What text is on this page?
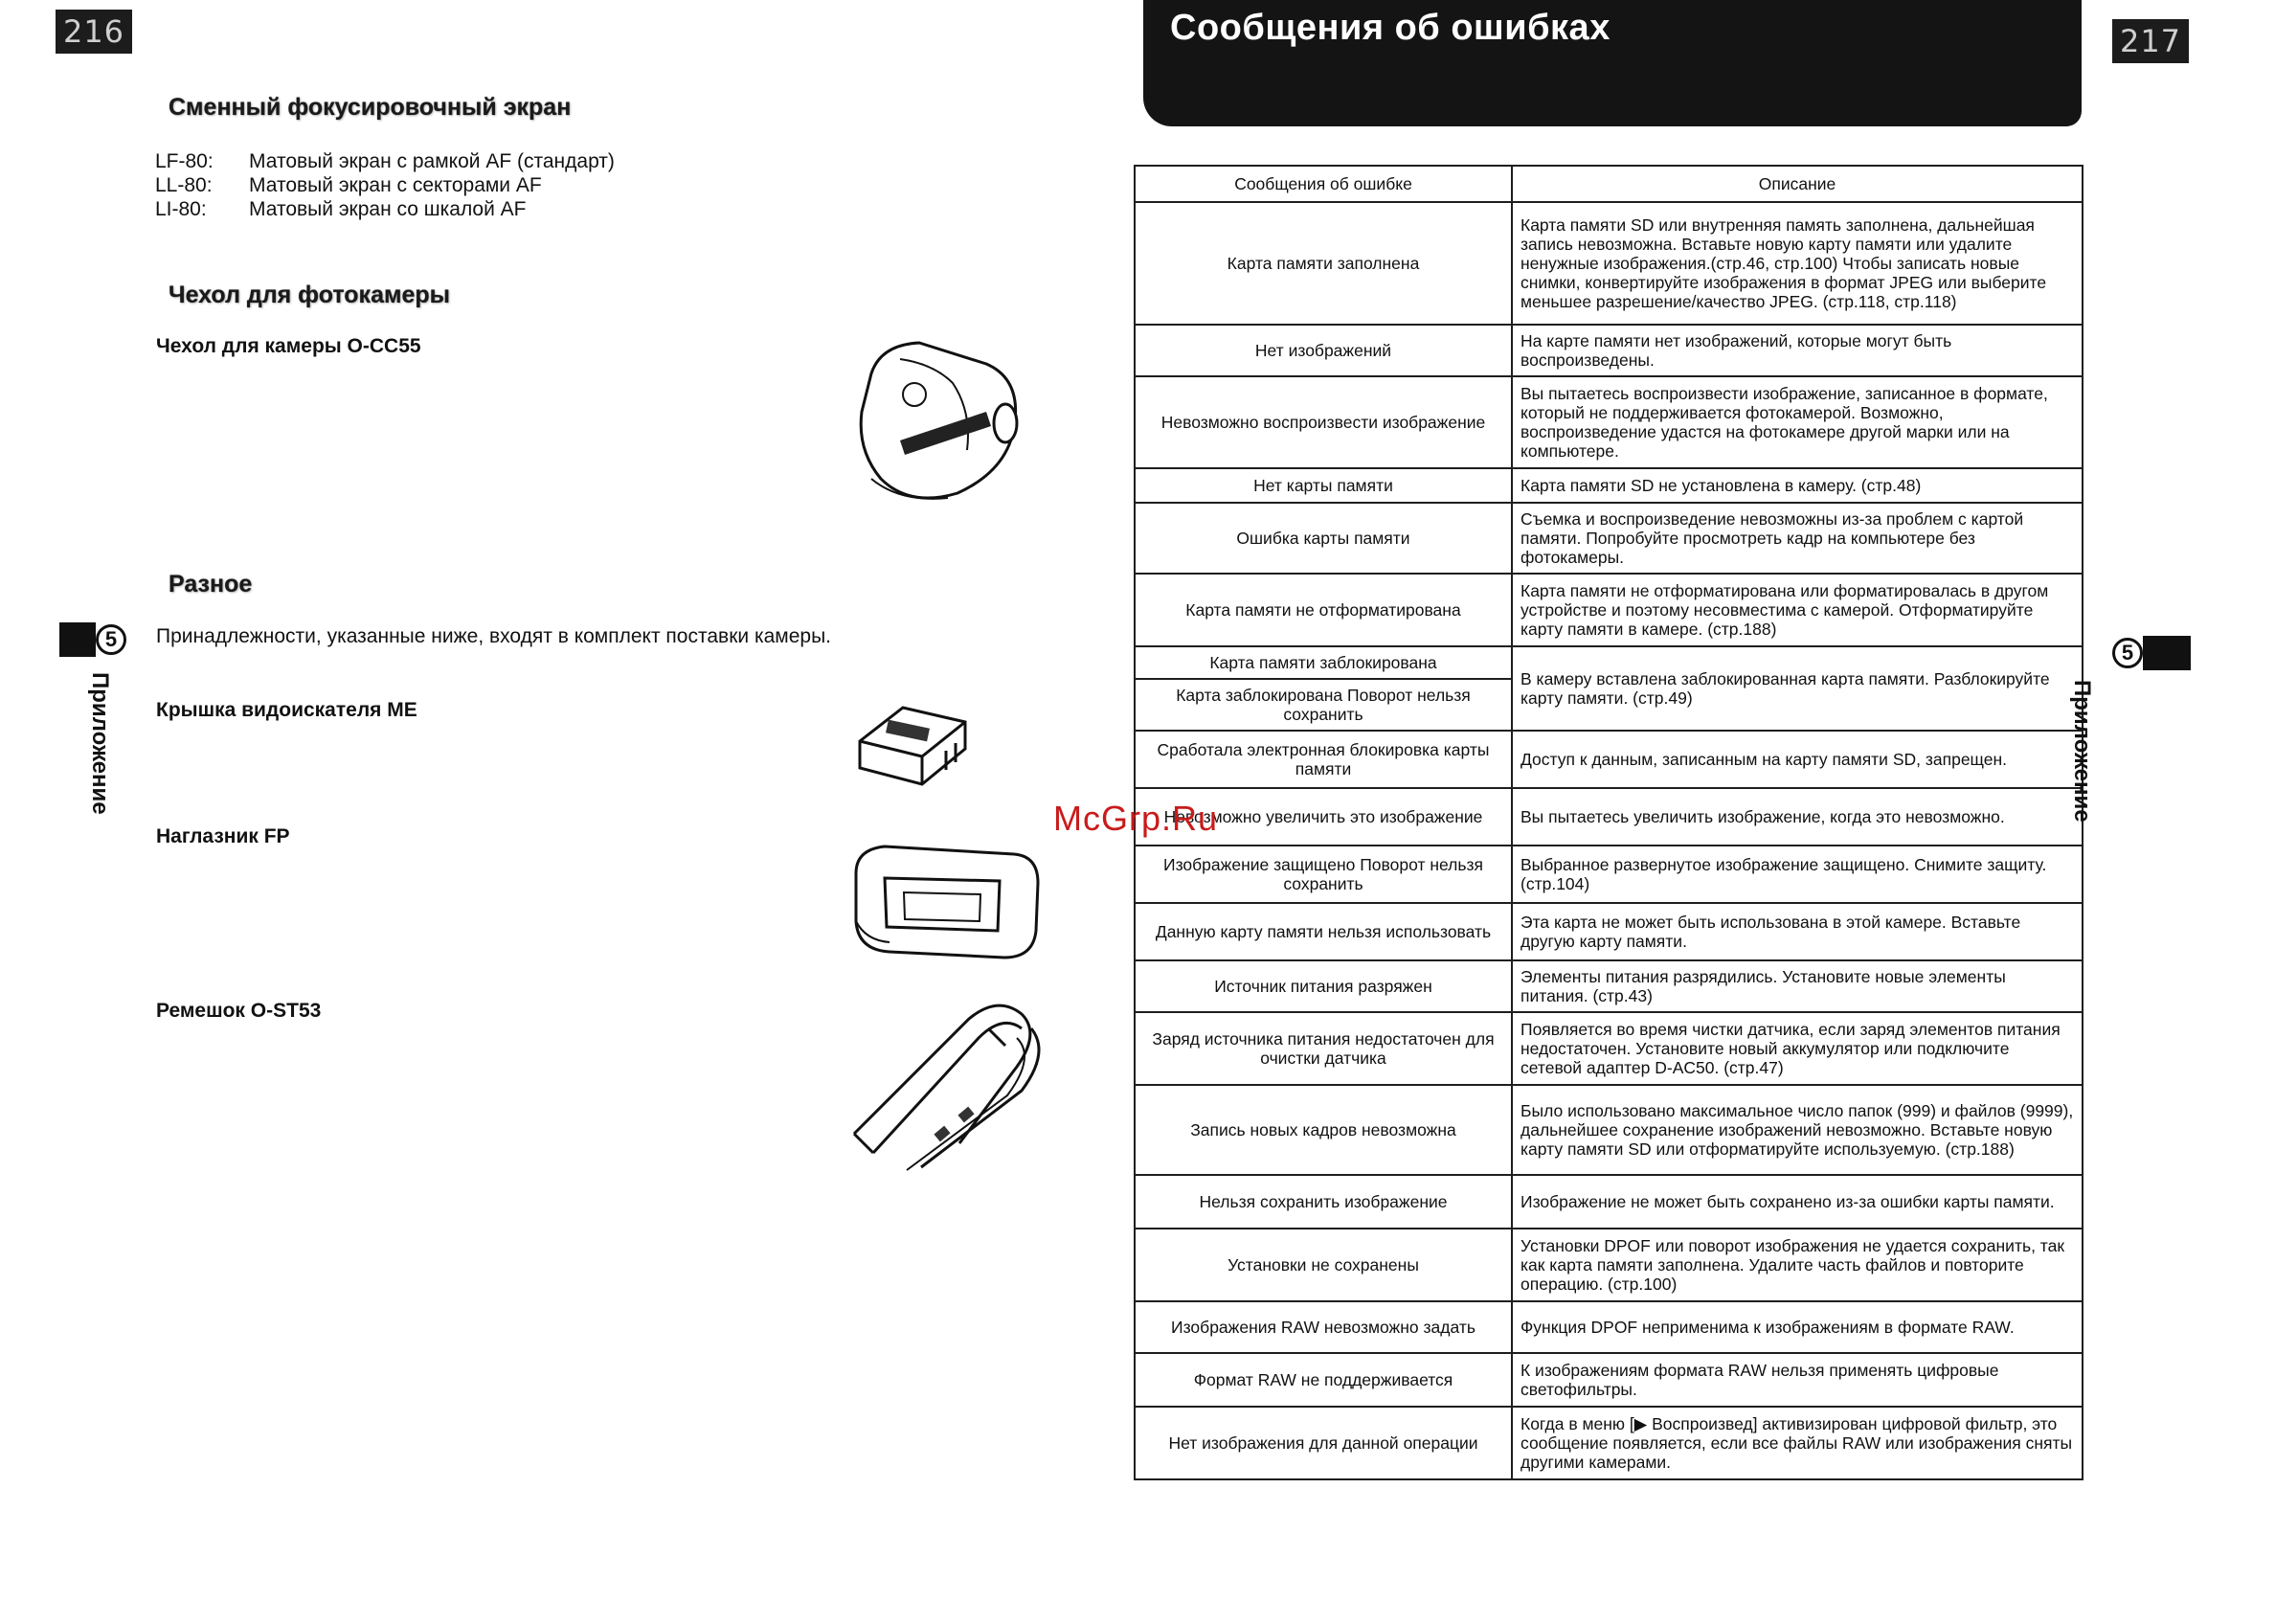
216
Сменный фокусировочный экран
LF-80:	Матовый экран с рамкой AF (стандарт)
LL-80:	Матовый экран с секторами AF
LI-80:	Матовый экран со шкалой AF
Чехол для фотокамеры
Чехол для камеры O-CC55
Разное
Принадлежности, указанные ниже, входят в комплект поставки камеры.
Крышка видоискателя ME
Наглазник FP
Ремешок O-ST53
5
Приложение
Сообщения об ошибках	217
Сообщения об ошибке	Описание
Карта памяти заполнена	Карта памяти SD или внутренняя память заполнена, дальнейшая запись невозможна. Вставьте новую карту памяти или удалите ненужные изображения.(стр.46, стр.100) Чтобы записать новые снимки, конвертируйте изображения в формат JPEG или выберите меньшее разрешение/качество JPEG. (стр.118, стр.118)
Нет изображений	На карте памяти нет изображений, которые могут быть воспроизведены.
Невозможно воспроизвести изображение	Вы пытаетесь воспроизвести изображение, записанное в формате, который не поддерживается фотокамерой. Возможно, воспроизведение удастся на фотокамере другой марки или на компьютере.
Нет карты памяти	Карта памяти SD не установлена в камеру. (стр.48)
Ошибка карты памяти	Съемка и воспроизведение невозможны из-за проблем с картой памяти. Попробуйте просмотреть кадр на компьютере без фотокамеры.
Карта памяти не отформатирована	Карта памяти не отформатирована или форматировалась в другом устройстве и поэтому несовместима с камерой. Отформатируйте карту памяти в камере. (стр.188)
Карта памяти заблокирована	В камеру вставлена заблокированная карта памяти. Разблокируйте карту памяти. (стр.49)
Карта заблокирована Поворот нельзя сохранить	
Сработала электронная блокировка карты памяти	Доступ к данным, записанным на карту памяти SD, запрещен.
Невозможно увеличить это изображение	Вы пытаетесь увеличить изображение, когда это невозможно.
Изображение защищено Поворот нельзя сохранить	Выбранное развернутое изображение защищено. Снимите защиту. (стр.104)
Данную карту памяти нельзя использовать	Эта карта не может быть использована в этой камере. Вставьте другую карту памяти.
Источник питания разряжен	Элементы питания разрядились. Установите новые элементы питания. (стр.43)
Заряд источника питания недостаточен для очистки датчика	Появляется во время чистки датчика, если заряд элементов питания недостаточен. Установите новый аккумулятор или подключите сетевой адаптер D-AC50. (стр.47)
Запись новых кадров невозможна	Было использовано максимальное число папок (999) и файлов (9999), дальнейшее сохранение изображений невозможно. Вставьте новую карту памяти SD или отформатируйте используемую. (стр.188)
Нельзя сохранить изображение	Изображение не может быть сохранено из-за ошибки карты памяти.
Установки не сохранены	Установки DPOF или поворот изображения не удается сохранить, так как карта памяти заполнена. Удалите часть файлов и повторите операцию. (стр.100)
Изображения RAW невозможно задать	Функция DPOF неприменима к изображениям в формате RAW.
Формат RAW не поддерживается	К изображениям формата RAW нельзя применять цифровые светофильтры.
Нет изображения для данной операции	Когда в меню [▶ Воспроизвед] активизирован цифровой фильтр, это сообщение появляется, если все файлы RAW или изображения сняты другими камерами.
5
Приложение
McGrp.Ru
